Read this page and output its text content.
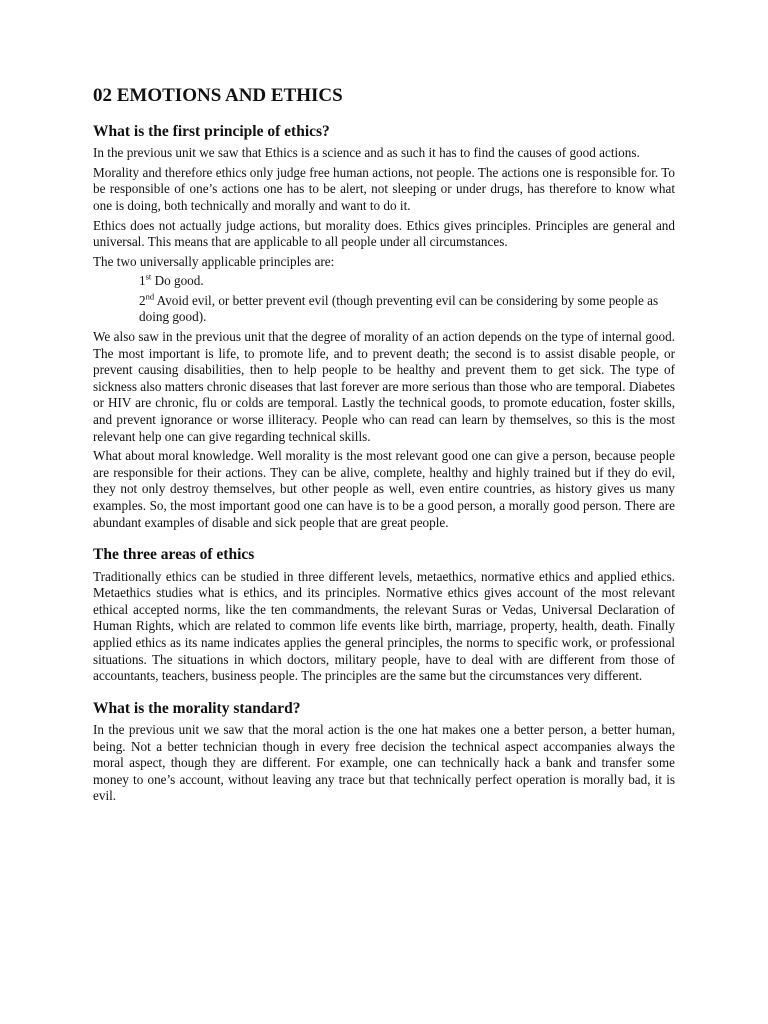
02 EMOTIONS AND ETHICS
What is the first principle of ethics?

In the previous unit we saw that Ethics is a science and as such it has to find the causes of good actions.

Morality and therefore ethics only judge free human actions, not people. The actions one is responsible for. To be responsible of one’s actions one has to be alert, not sleeping or under drugs, has therefore to know what one is doing, both technically and morally and want to do it.

Ethics does not actually judge actions, but morality does. Ethics gives principles. Principles are general and universal. This means that are applicable to all people under all circumstances.

The two universally applicable principles are:

1st Do good.

2nd Avoid evil, or better prevent evil (though preventing evil can be considering by some people as doing good).

We also saw in the previous unit that the degree of morality of an action depends on the type of internal good. The most important is life, to promote life, and to prevent death; the second is to assist disable people, or prevent causing disabilities, then to help people to be healthy and prevent them to get sick. The type of sickness also matters chronic diseases that last forever are more serious than those who are temporal. Diabetes or HIV are chronic, flu or colds are temporal. Lastly the technical goods, to promote education, foster skills, and prevent ignorance or worse illiteracy. People who can read can learn by themselves, so this is the most relevant help one can give regarding technical skills.

What about moral knowledge. Well morality is the most relevant good one can give a person, because people are responsible for their actions. They can be alive, complete, healthy and highly trained but if they do evil, they not only destroy themselves, but other people as well, even entire countries, as history gives us many examples. So, the most important good one can have is to be a good person, a morally good person. There are abundant examples of disable and sick people that are great people.

The three areas of ethics

Traditionally ethics can be studied in three different levels, metaethics, normative ethics and applied ethics. Metaethics studies what is ethics, and its principles. Normative ethics gives account of the most relevant ethical accepted norms, like the ten commandments, the relevant Suras or Vedas, Universal Declaration of Human Rights, which are related to common life events like birth, marriage, property, health, death. Finally applied ethics as its name indicates applies the general principles, the norms to specific work, or professional situations. The situations in which doctors, military people, have to deal with are different from those of accountants, teachers, business people. The principles are the same but the circumstances very different.

What is the morality standard?

In the previous unit we saw that the moral action is the one hat makes one a better person, a better human, being. Not a better technician though in every free decision the technical aspect accompanies always the moral aspect, though they are different. For example, one can technically hack a bank and transfer some money to one’s account, without leaving any trace but that technically perfect operation is morally bad, it is evil.
